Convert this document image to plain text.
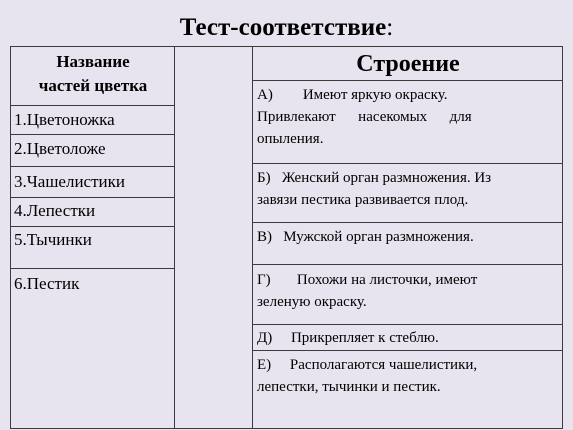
Тест-соответствие:
Название
частей цветка
Строение
1.Цветоножка
2.Цветоложе
3.Чашелистики
4.Лепестки
5.Тычинки
6.Пестик
А)        Имеют яркую окраску.
Привлекают      насекомых      для
опыления.
Б)   Женский орган размножения. Из
завязи пестика развивается плод.
В)   Мужской орган размножения.
Г)       Похожи на листочки, имеют
зеленую окраску.
Д)     Прикрепляет к стеблю.
Е)     Располагаются чашелистики,
лепестки, тычинки и пестик.
